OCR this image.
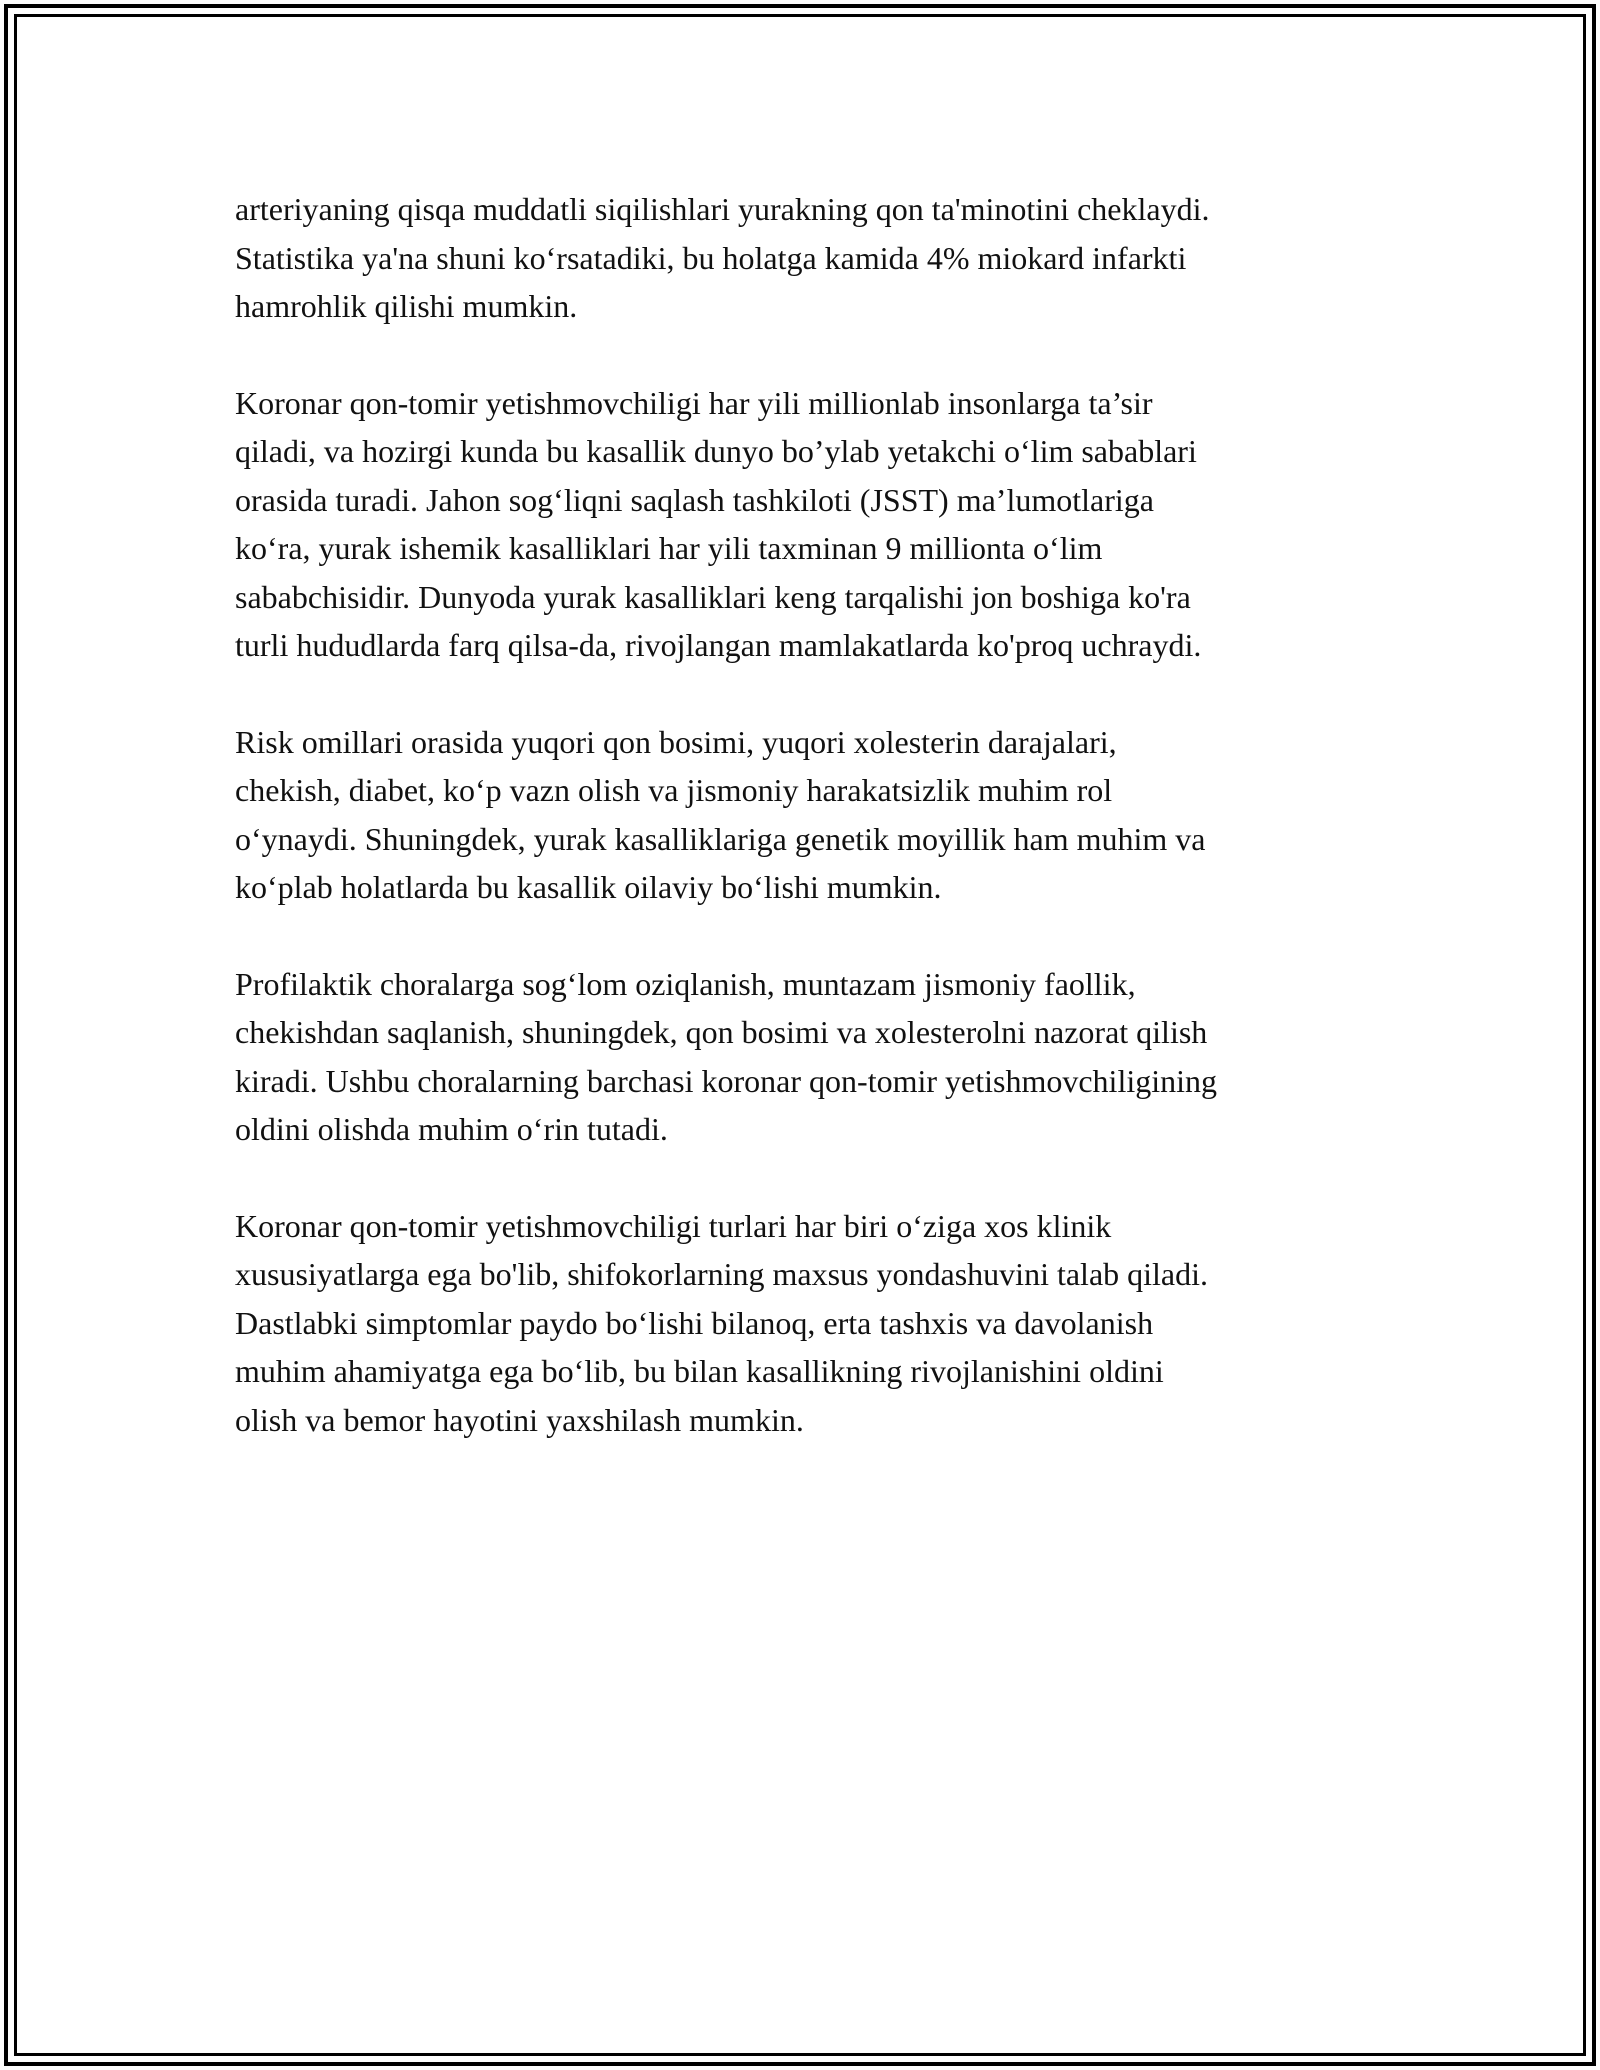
arteriyaning qisqa muddatli siqilishlari yurakning qon ta'minotini cheklaydi.
Statistika ya'na shuni ko‘rsatadiki, bu holatga kamida 4% miokard infarkti
hamrohlik qilishi mumkin.

Koronar qon-tomir yetishmovchiligi har yili millionlab insonlarga ta’sir
qiladi, va hozirgi kunda bu kasallik dunyo bo’ylab yetakchi o‘lim sabablari
orasida turadi. Jahon sog‘liqni saqlash tashkiloti (JSST) ma’lumotlariga
ko‘ra, yurak ishemik kasalliklari har yili taxminan 9 millionta o‘lim
sababchisidir. Dunyoda yurak kasalliklari keng tarqalishi jon boshiga ko'ra
turli hududlarda farq qilsa-da, rivojlangan mamlakatlarda ko'proq uchraydi.

Risk omillari orasida yuqori qon bosimi, yuqori xolesterin darajalari,
chekish, diabet, ko‘p vazn olish va jismoniy harakatsizlik muhim rol
o‘ynaydi. Shuningdek, yurak kasalliklariga genetik moyillik ham muhim va
ko‘plab holatlarda bu kasallik oilaviy bo‘lishi mumkin.

Profilaktik choralarga sog‘lom oziqlanish, muntazam jismoniy faollik,
chekishdan saqlanish, shuningdek, qon bosimi va xolesterolni nazorat qilish
kiradi. Ushbu choralarning barchasi koronar qon-tomir yetishmovchiligining
oldini olishda muhim o‘rin tutadi.

Koronar qon-tomir yetishmovchiligi turlari har biri o‘ziga xos klinik
xususiyatlarga ega bo'lib, shifokorlarning maxsus yondashuvini talab qiladi.
Dastlabki simptomlar paydo bo‘lishi bilanoq, erta tashxis va davolanish
muhim ahamiyatga ega bo‘lib, bu bilan kasallikning rivojlanishini oldini
olish va bemor hayotini yaxshilash mumkin.
